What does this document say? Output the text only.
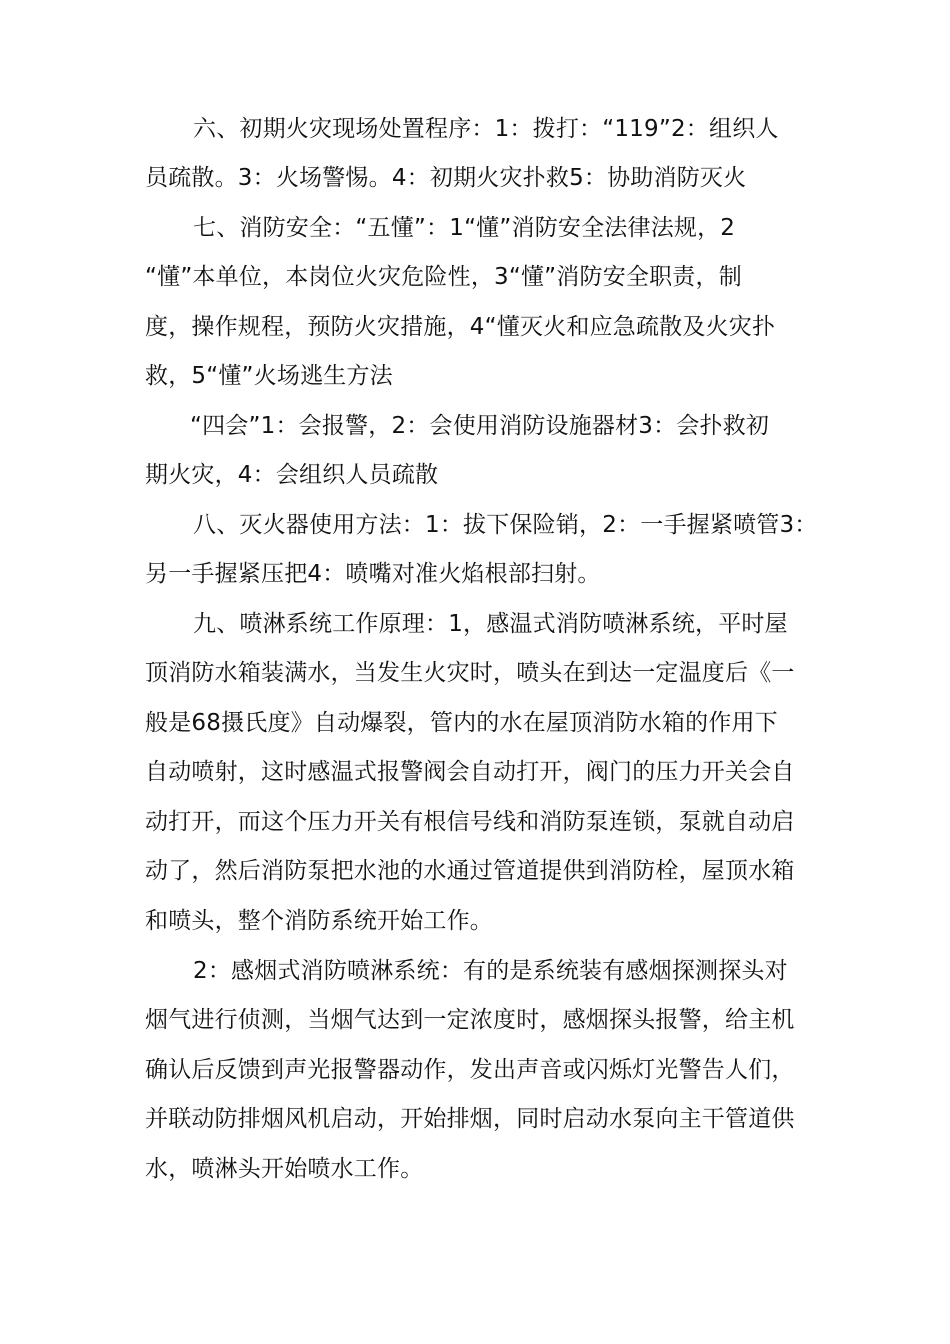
六、初期火灾现场处置程序：1：拨打：“119”2：组织人
员疏散。3：火场警惕。4：初期火灾扑救5：协助消防灭火
七、消防安全：“五懂”：1“懂”消防安全法律法规，2
“懂”本单位，本岗位火灾危险性，3“懂”消防安全职责，制
度，操作规程，预防火灾措施，4“懂灭火和应急疏散及火灾扑
救，5“懂”火场逃生方法
“四会”1：会报警，2：会使用消防设施器材3：会扑救初
期火灾，4：会组织人员疏散
八、灭火器使用方法：1：拔下保险销，2：一手握紧喷管3：
另一手握紧压把4：喷嘴对准火焰根部扫射。
九、喷淋系统工作原理：1，感温式消防喷淋系统，平时屋
顶消防水箱装满水，当发生火灾时，喷头在到达一定温度后《一
般是68摄氏度》自动爆裂，管内的水在屋顶消防水箱的作用下
自动喷射，这时感温式报警阀会自动打开，阀门的压力开关会自
动打开，而这个压力开关有根信号线和消防泵连锁，泵就自动启
动了，然后消防泵把水池的水通过管道提供到消防栓，屋顶水箱
和喷头，整个消防系统开始工作。
2：感烟式消防喷淋系统：有的是系统装有感烟探测探头对
烟气进行侦测，当烟气达到一定浓度时，感烟探头报警，给主机
确认后反馈到声光报警器动作，发出声音或闪烁灯光警告人们，
并联动防排烟风机启动，开始排烟，同时启动水泵向主干管道供
水，喷淋头开始喷水工作。
